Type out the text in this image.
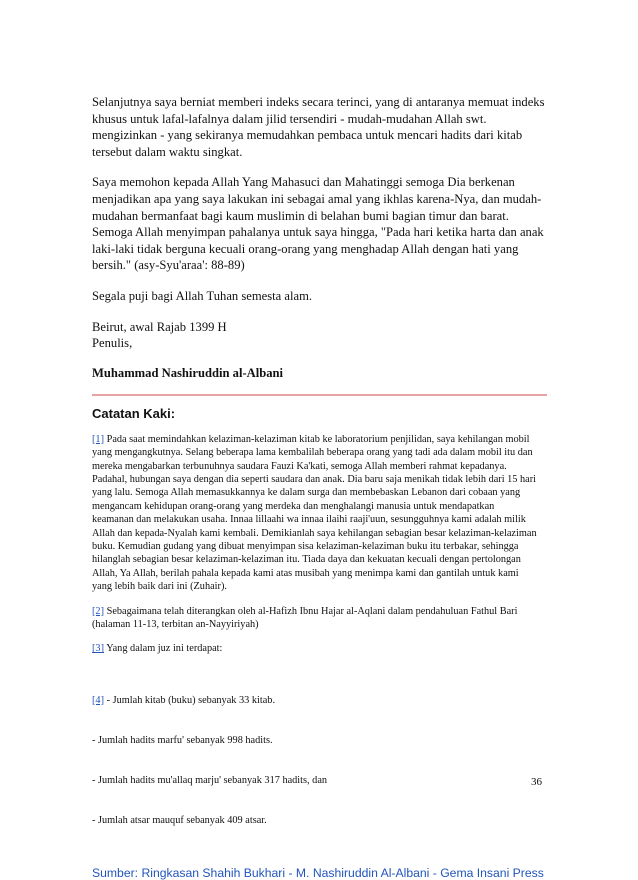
Selanjutnya saya berniat memberi indeks secara terinci, yang di antaranya memuat indeks
khusus untuk lafal-lafalnya dalam jilid tersendiri - mudah-mudahan Allah swt.
mengizinkan - yang sekiranya memudahkan pembaca untuk mencari hadits dari kitab
tersebut dalam waktu singkat.

Saya memohon kepada Allah Yang Mahasuci dan Mahatinggi semoga Dia berkenan
menjadikan apa yang saya lakukan ini sebagai amal yang ikhlas karena-Nya, dan mudah-
mudahan bermanfaat bagi kaum muslimin di belahan bumi bagian timur dan barat.
Semoga Allah menyimpan pahalanya untuk saya hingga, "Pada hari ketika harta dan anak
laki-laki tidak berguna kecuali orang-orang yang menghadap Allah dengan hati yang
bersih." (asy-Syu'araa': 88-89)

Segala puji bagi Allah Tuhan semesta alam.

Beirut, awal Rajab 1399 H

Penulis,

Muhammad Nashiruddin al-Albani

Catatan Kaki:

[1] Pada saat memindahkan kelaziman-kelaziman kitab ke laboratorium penjilidan, saya kehilangan mobil
yang mengangkutnya. Selang beberapa lama kembalilah beberapa orang yang tadi ada dalam mobil itu dan
mereka mengabarkan terbunuhnya saudara Fauzi Ka'kati, semoga Allah memberi rahmat kepadanya.
Padahal, hubungan saya dengan dia seperti saudara dan anak. Dia baru saja menikah tidak lebih dari 15 hari
yang lalu. Semoga Allah memasukkannya ke dalam surga dan membebaskan Lebanon dari cobaan yang
mengancam kehidupan orang-orang yang merdeka dan menghalangi manusia untuk mendapatkan
keamanan dan melakukan usaha. Innaa lillaahi wa innaa ilaihi raaji'uun, sesungguhnya kami adalah milik
Allah dan kepada-Nyalah kami kembali. Demikianlah saya kehilangan sebagian besar kelaziman-kelaziman
buku. Kemudian gudang yang dibuat menyimpan sisa kelaziman-kelaziman buku itu terbakar, sehingga
hilanglah sebagian besar kelaziman-kelaziman itu. Tiada daya dan kekuatan kecuali dengan pertolongan
Allah, Ya Allah, berilah pahala kepada kami atas musibah yang menimpa kami dan gantilah untuk kami
yang lebih baik dari ini (Zuhair).

[2] Sebagaimana telah diterangkan oleh al-Hafizh Ibnu Hajar al-Aqlani dalam pendahuluan Fathul Bari
(halaman 11-13, terbitan an-Nayyiriyah)

[3] Yang dalam juz ini terdapat:

[4] - Jumlah kitab (buku) sebanyak 33 kitab.

- Jumlah hadits marfu' sebanyak 998 hadits.

- Jumlah hadits mu'allaq marju' sebanyak 317 hadits, dan

- Jumlah atsar mauquf sebanyak 409 atsar.

Sumber: Ringkasan Shahih Bukhari - M. Nashiruddin Al-Albani - Gema Insani Press

36
